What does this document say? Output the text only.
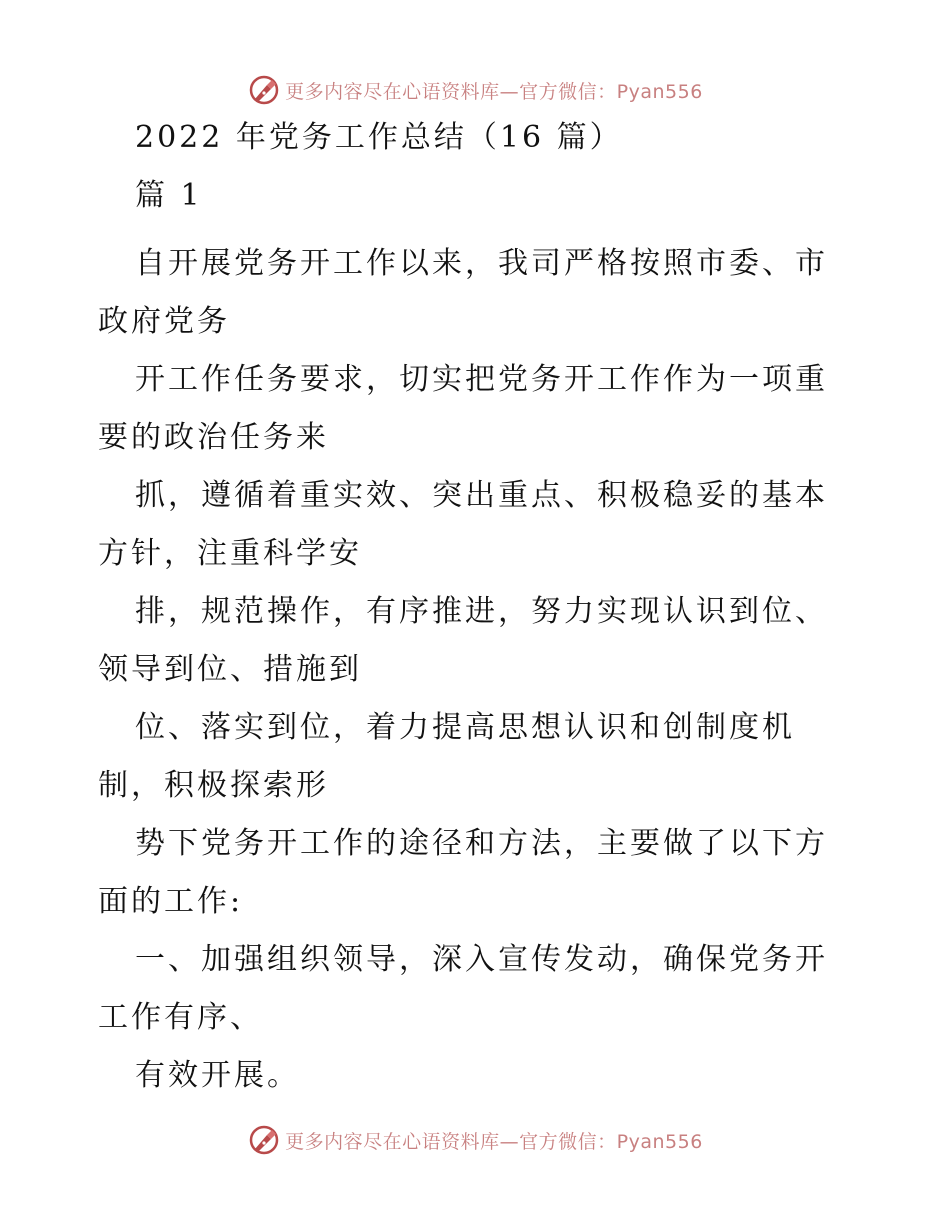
更多内容尽在心语资料库—官方微信：Pyan556
2022 年党务工作总结（16 篇）
篇 1
自开展党务开工作以来，我司严格按照市委、市
政府党务
开工作任务要求，切实把党务开工作作为一项重
要的政治任务来
抓，遵循着重实效、突出重点、积极稳妥的基本
方针，注重科学安
排，规范操作，有序推进，努力实现认识到位、
领导到位、措施到
位、落实到位，着力提高思想认识和创制度机
制，积极探索形
势下党务开工作的途径和方法，主要做了以下方
面的工作:
一、加强组织领导，深入宣传发动，确保党务开
工作有序、
有效开展。
更多内容尽在心语资料库—官方微信：Pyan556
